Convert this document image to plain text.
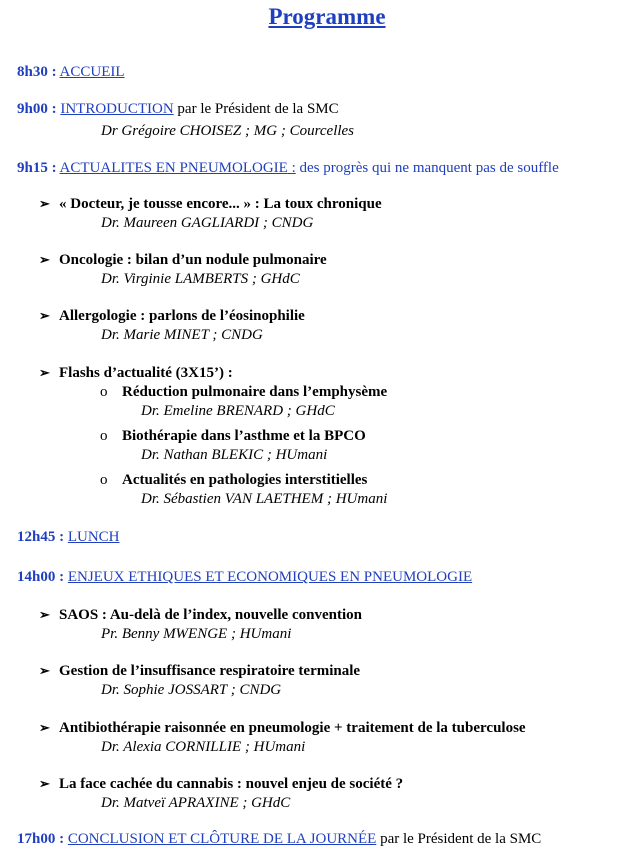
Programme
8h30 : ACCUEIL
9h00 : INTRODUCTION par le Président de la SMC
Dr Grégoire CHOISEZ ; MG ; Courcelles
9h15 : ACTUALITES EN PNEUMOLOGIE : des progrès qui ne manquent pas de souffle
➢ « Docteur, je tousse encore... » : La toux chronique
Dr. Maureen GAGLIARDI ; CNDG
➢ Oncologie : bilan d’un nodule pulmonaire
Dr. Virginie LAMBERTS ; GHdC
➢ Allergologie : parlons de l’éosinophilie
Dr. Marie MINET ; CNDG
➢ Flashs d’actualité (3X15’) :
o Réduction pulmonaire dans l’emphysème
Dr. Emeline BRENARD ; GHdC
o Biothérapie dans l’asthme et la BPCO
Dr. Nathan BLEKIC ; HUmani
o Actualités en pathologies interstitielles
Dr. Sébastien VAN LAETHEM ; HUmani
12h45 : LUNCH
14h00 : ENJEUX ETHIQUES ET ECONOMIQUES EN PNEUMOLOGIE
➢ SAOS : Au-delà de l’index, nouvelle convention
Pr. Benny MWENGE ; HUmani
➢ Gestion de l’insuffisance respiratoire terminale
Dr. Sophie JOSSART ; CNDG
➢ Antibiothérapie raisonnée en pneumologie + traitement de la tuberculose
Dr. Alexia CORNILLIE ; HUmani
➢ La face cachée du cannabis : nouvel enjeu de société ?
Dr. Matveï APRAXINE ; GHdC
17h00 : CONCLUSION ET CLÔTURE DE LA JOURNÉE par le Président de la SMC
